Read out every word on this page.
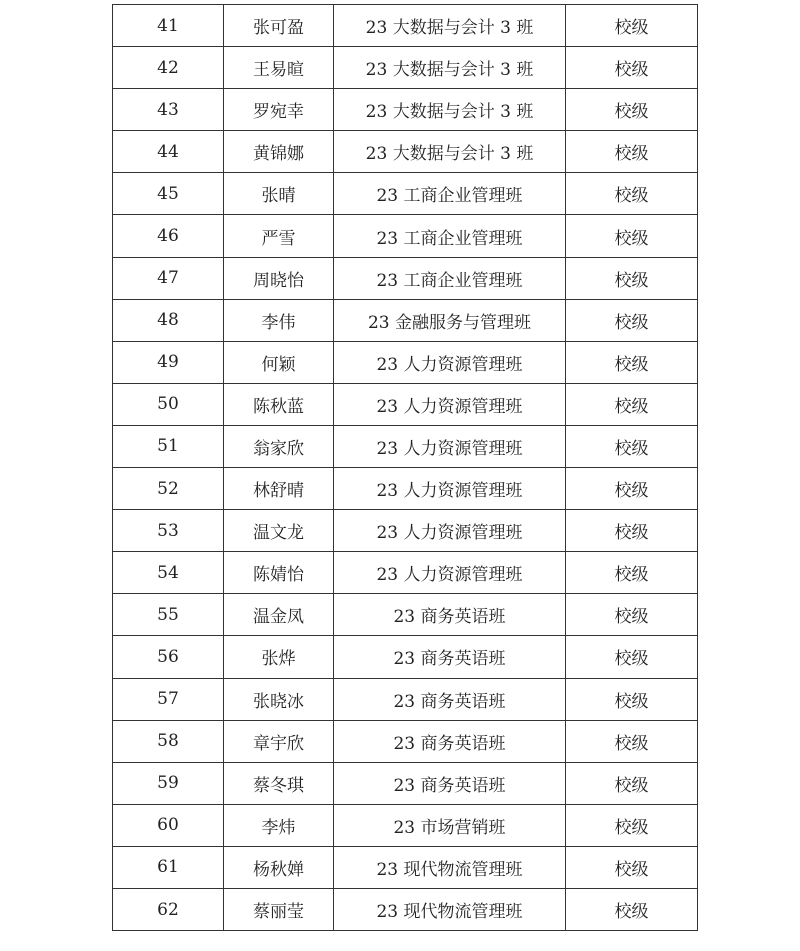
41	张可盈	23 大数据与会计 3 班	校级
42	王易暄	23 大数据与会计 3 班	校级
43	罗宛幸	23 大数据与会计 3 班	校级
44	黄锦娜	23 大数据与会计 3 班	校级
45	张晴	23 工商企业管理班	校级
46	严雪	23 工商企业管理班	校级
47	周晓怡	23 工商企业管理班	校级
48	李伟	23 金融服务与管理班	校级
49	何颖	23 人力资源管理班	校级
50	陈秋蓝	23 人力资源管理班	校级
51	翁家欣	23 人力资源管理班	校级
52	林舒晴	23 人力资源管理班	校级
53	温文龙	23 人力资源管理班	校级
54	陈婧怡	23 人力资源管理班	校级
55	温金凤	23 商务英语班	校级
56	张烨	23 商务英语班	校级
57	张晓冰	23 商务英语班	校级
58	章宇欣	23 商务英语班	校级
59	蔡冬琪	23 商务英语班	校级
60	李炜	23 市场营销班	校级
61	杨秋婵	23 现代物流管理班	校级
62	蔡丽莹	23 现代物流管理班	校级
